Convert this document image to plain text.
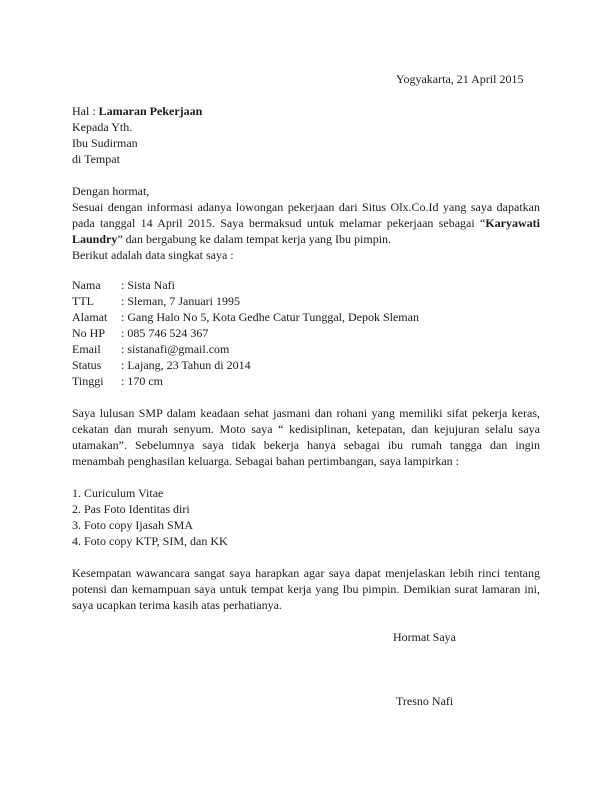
Yogyakarta, 21 April 2015
Hal : Lamaran Pekerjaan
Kepada Yth.
Ibu Sudirman
di Tempat
Dengan hormat,
Sesuai dengan informasi adanya lowongan pekerjaan dari Situs Olx.Co.Id yang saya dapatkan
pada tanggal 14 April 2015. Saya bermaksud untuk melamar pekerjaan sebagai “Karyawati
Laundry” dan bergabung ke dalam tempat kerja yang Ibu pimpin.
Berikut adalah data singkat saya :
Nama : Sista Nafi
TTL : Sleman, 7 Januari 1995
Alamat : Gang Halo No 5, Kota Gedhe Catur Tunggal, Depok Sleman
No HP : 085 746 524 367
Email : sistanafi@gmail.com
Status : Lajang, 23 Tahun di 2014
Tinggi : 170 cm
Saya lulusan SMP dalam keadaan sehat jasmani dan rohani yang memiliki sifat pekerja keras,
cekatan dan murah senyum. Moto saya “ kedisiplinan, ketepatan, dan kejujuran selalu saya
utamakan”. Sebelumnya saya tidak bekerja hanya sebagai ibu rumah tangga dan ingin
menambah penghasilan keluarga. Sebagai bahan pertimbangan, saya lampirkan :
1. Curiculum Vitae
2. Pas Foto Identitas diri
3. Foto copy Ijasah SMA
4. Foto copy KTP, SIM, dan KK
Kesempatan wawancara sangat saya harapkan agar saya dapat menjelaskan lebih rinci tentang
potensi dan kemampuan saya untuk tempat kerja yang Ibu pimpin. Demikian surat lamaran ini,
saya ucapkan terima kasih atas perhatianya.
Hormat Saya
Tresno Nafi
